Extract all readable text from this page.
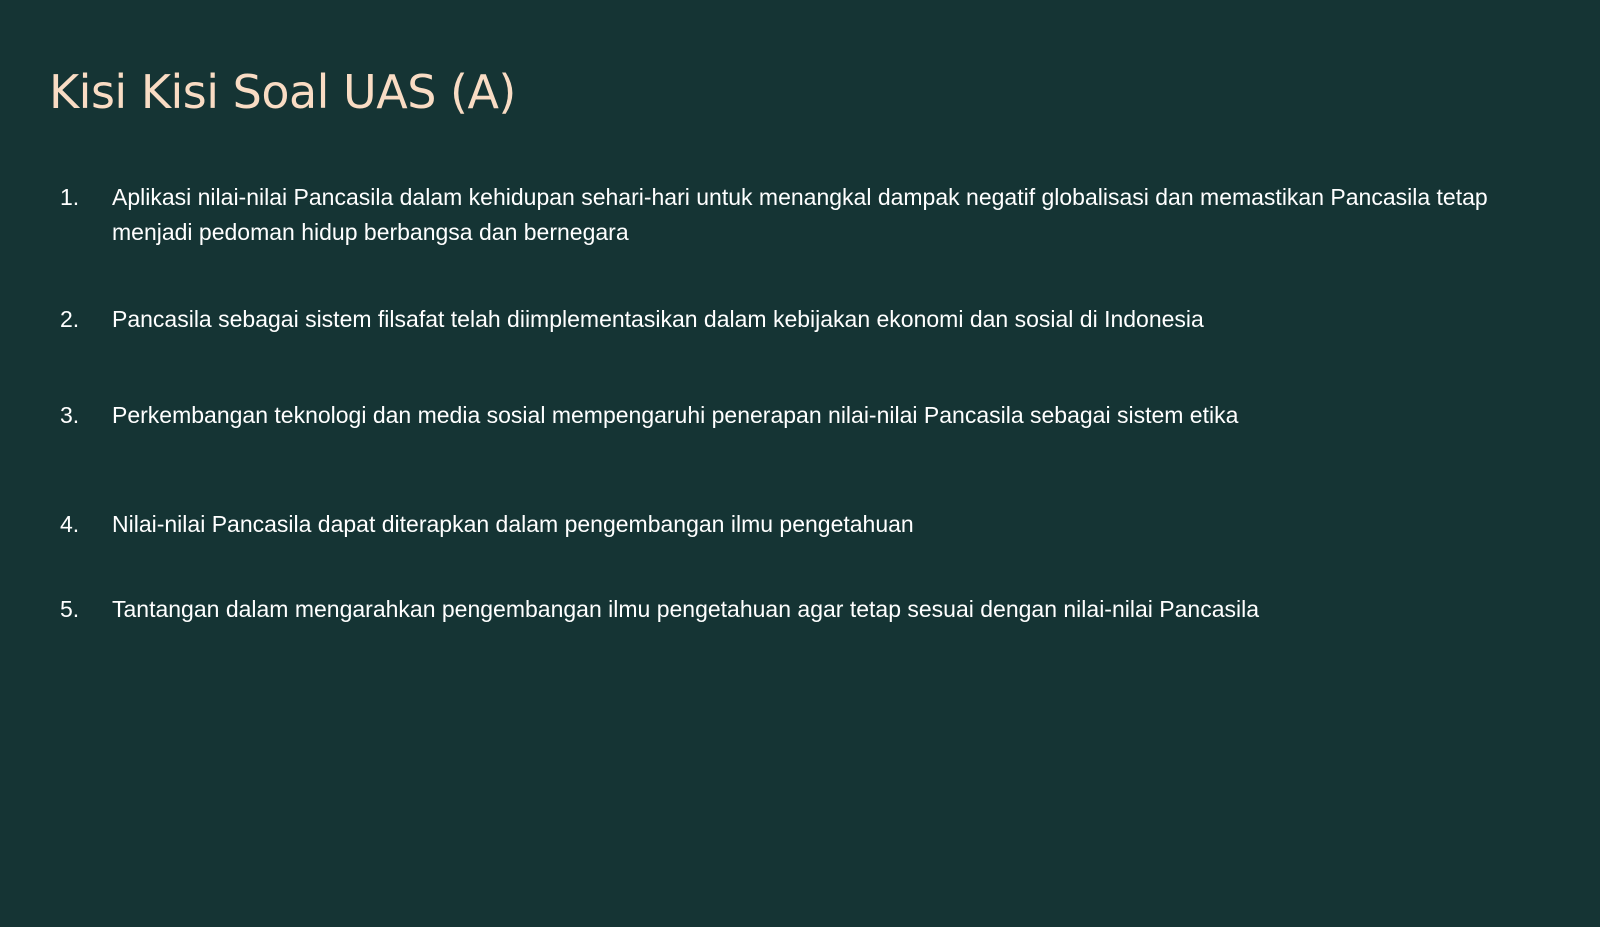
Kisi Kisi Soal UAS (A)
1.	Aplikasi nilai-nilai Pancasila dalam kehidupan sehari-hari untuk menangkal dampak negatif globalisasi dan memastikan Pancasila tetap menjadi pedoman hidup berbangsa dan bernegara
2.	Pancasila sebagai sistem filsafat telah diimplementasikan dalam kebijakan ekonomi dan sosial di Indonesia
3.	Perkembangan teknologi dan media sosial mempengaruhi penerapan nilai-nilai Pancasila sebagai sistem etika
4.	Nilai-nilai Pancasila dapat diterapkan dalam pengembangan ilmu pengetahuan
5.	Tantangan dalam mengarahkan pengembangan ilmu pengetahuan agar tetap sesuai dengan nilai-nilai Pancasila
